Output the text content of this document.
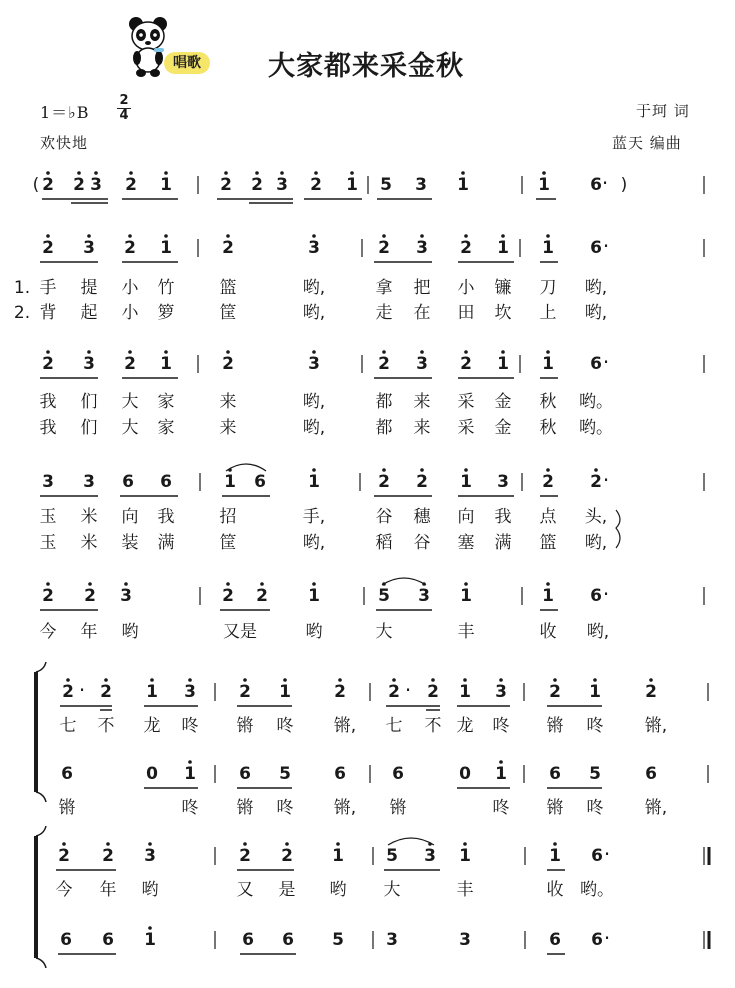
唱歌	大家都来采金秋
1＝♭B
2
4
欢快地
于珂 词
蓝天 编曲
( 2 2 3 2 1	2 2 3 2 1 5 3 1	1 6 · )
2 3 2 1	2	3	2 3 2 1 1 6 ·
2 3 2 1	2	3	2 3 2 1 1 6 ·
3 3 6 6	1 6 1	2 2 1 3 2 2 ·
2 2 3	2 2 1	5 3 1	1 6 ·
2 · 2 1 3	2 1	2 2 · 2 1 3 2 1	2
6	0 1	6 5	6	6	0 1 6 5	6
2 2 3	2 2 1 5 3 1	1 6 ·
6 6 1	6 6 5 3	3	6 6 ·
手 提 小 竹	篮	哟,	拿 把 小 镰 刀 哟,
背 起 小 箩	筐	哟,	走 在 田 坎 上 哟,
1.
2.
我 们 大 家	来	哟,	都 来 采 金 秋 哟。
我 们 大 家	来	哟,	都 来 采 金 秋 哟。
玉 米 向 我	招	手,	谷 穗 向 我 点 头,
玉 米 装 满	筐	哟,	稻 谷 塞 满 篮 哟,
今 年 哟	又是	哟	大	丰	收 哟,
七 不 龙 咚 锵 咚 锵, 七 不 龙 咚 锵 咚 锵,
锵	咚 锵 咚 锵, 锵	咚 锵 咚 锵,
今 年 哟	又 是 哟 大	丰	收 哟。
